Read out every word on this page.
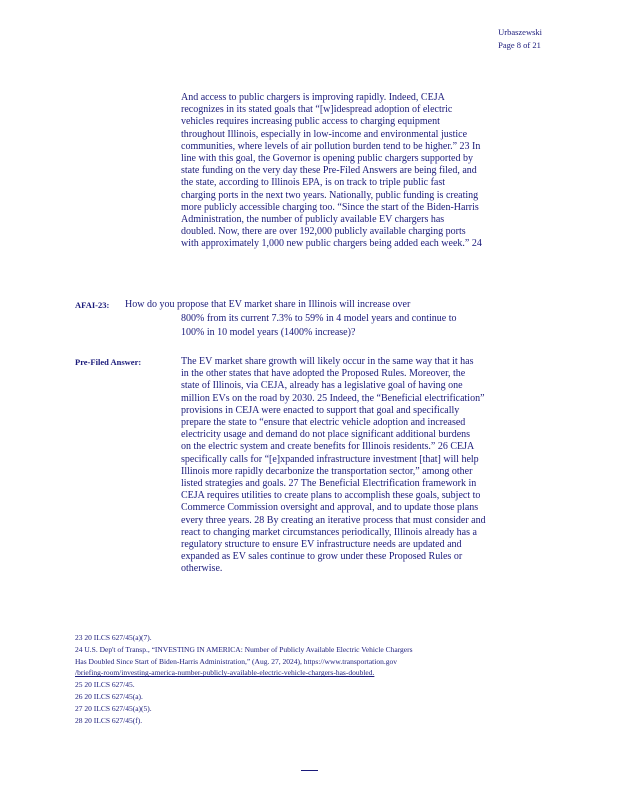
Urbaszewski
Page 8 of 21
And access to public chargers is improving rapidly. Indeed, CEJA
recognizes in its stated goals that “[w]idespread adoption of electric
vehicles requires increasing public access to charging equipment
throughout Illinois, especially in low-income and environmental justice
communities, where levels of air pollution burden tend to be higher.” 23 In
line with this goal, the Governor is opening public chargers supported by
state funding on the very day these Pre-Filed Answers are being filed, and
the state, according to Illinois EPA, is on track to triple public fast
charging ports in the next two years. Nationally, public funding is creating
more publicly accessible charging too. “Since the start of the Biden-Harris
Administration, the number of publicly available EV chargers has
doubled. Now, there are over 192,000 publicly available charging ports
with approximately 1,000 new public chargers being added each week.” 24
AFAI-23: How do you propose that EV market share in Illinois will increase over
800% from its current 7.3% to 59% in 4 model years and continue to
100% in 10 model years (1400% increase)?
Pre-Filed Answer:	The EV market share growth will likely occur in the same way that it has
in the other states that have adopted the Proposed Rules. Moreover, the
state of Illinois, via CEJA, already has a legislative goal of having one
million EVs on the road by 2030. 25 Indeed, the “Beneficial electrification”
provisions in CEJA were enacted to support that goal and specifically
prepare the state to “ensure that electric vehicle adoption and increased
electricity usage and demand do not place significant additional burdens
on the electric system and create benefits for Illinois residents.” 26 CEJA
specifically calls for “[e]xpanded infrastructure investment [that] will help
Illinois more rapidly decarbonize the transportation sector,” among other
listed strategies and goals. 27 The Beneficial Electrification framework in
CEJA requires utilities to create plans to accomplish these goals, subject to
Commerce Commission oversight and approval, and to update those plans
every three years. 28 By creating an iterative process that must consider and
react to changing market circumstances periodically, Illinois already has a
regulatory structure to ensure EV infrastructure needs are updated and
expanded as EV sales continue to grow under these Proposed Rules or
otherwise.
23 20 ILCS 627/45(a)(7).
24 U.S. Dep't of Transp., “INVESTING IN AMERICA: Number of Publicly Available Electric Vehicle Chargers
Has Doubled Since Start of Biden-Harris Administration,” (Aug. 27, 2024), https://www.transportation.gov
/briefing-room/investing-america-number-publicly-available-electric-vehicle-chargers-has-doubled.
25 20 ILCS 627/45.
26 20 ILCS 627/45(a).
27 20 ILCS 627/45(a)(5).
28 20 ILCS 627/45(f).
